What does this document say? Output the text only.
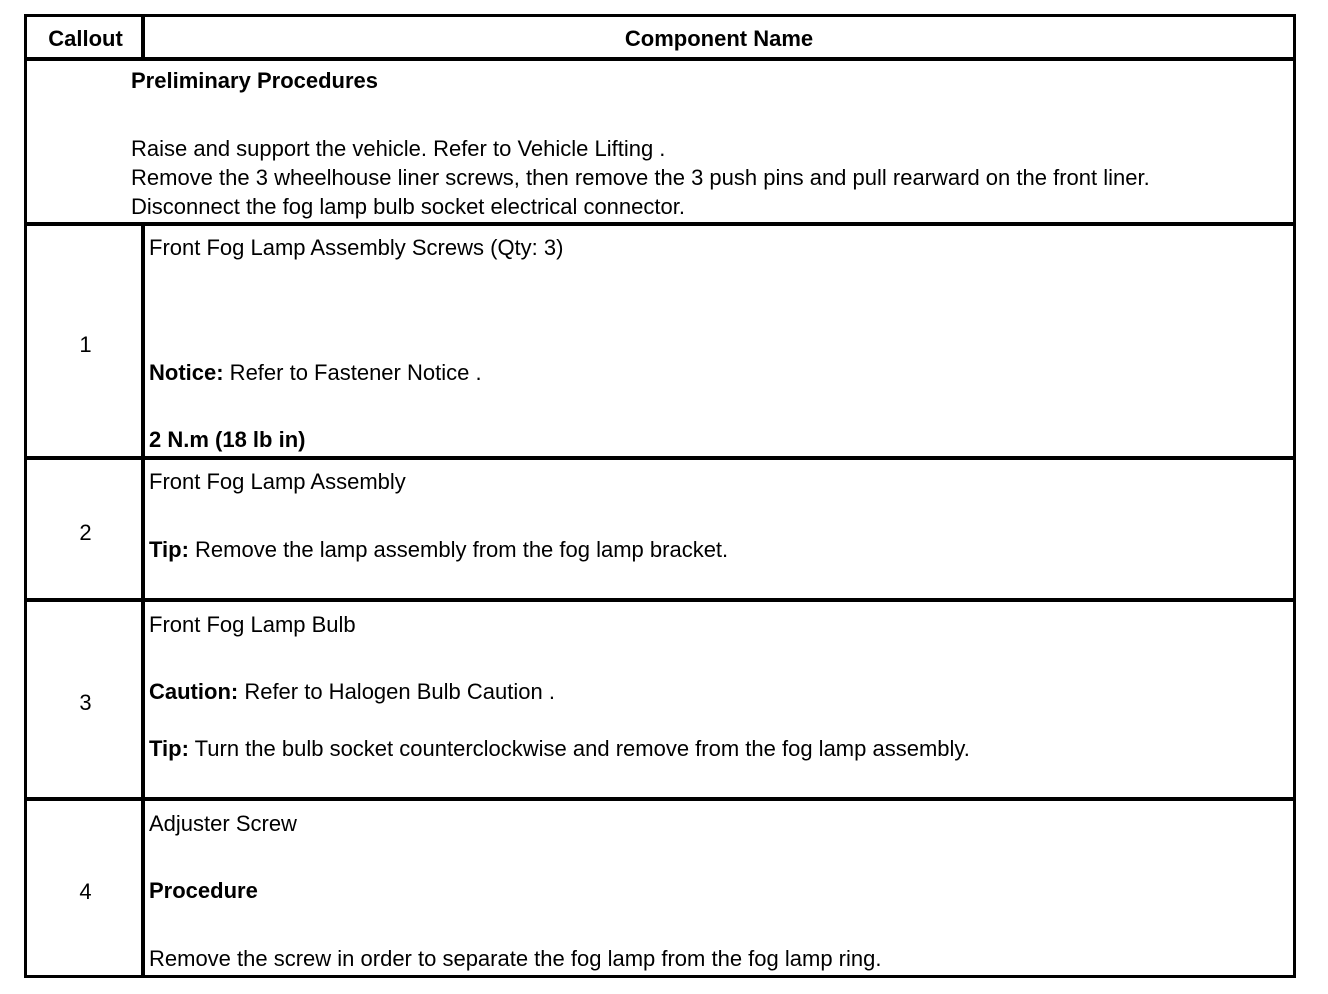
Callout	Component Name
Preliminary Procedures
Raise and support the vehicle. Refer to Vehicle Lifting .
Remove the 3 wheelhouse liner screws, then remove the 3 push pins and pull rearward on the front liner.
Disconnect the fog lamp bulb socket electrical connector.
1
Front Fog Lamp Assembly Screws (Qty: 3)
Notice: Refer to Fastener Notice .
2 N.m (18 lb in)
2
Front Fog Lamp Assembly
Tip: Remove the lamp assembly from the fog lamp bracket.
3
Front Fog Lamp Bulb
Caution: Refer to Halogen Bulb Caution .
Tip: Turn the bulb socket counterclockwise and remove from the fog lamp assembly.
4
Adjuster Screw
Procedure
Remove the screw in order to separate the fog lamp from the fog lamp ring.
